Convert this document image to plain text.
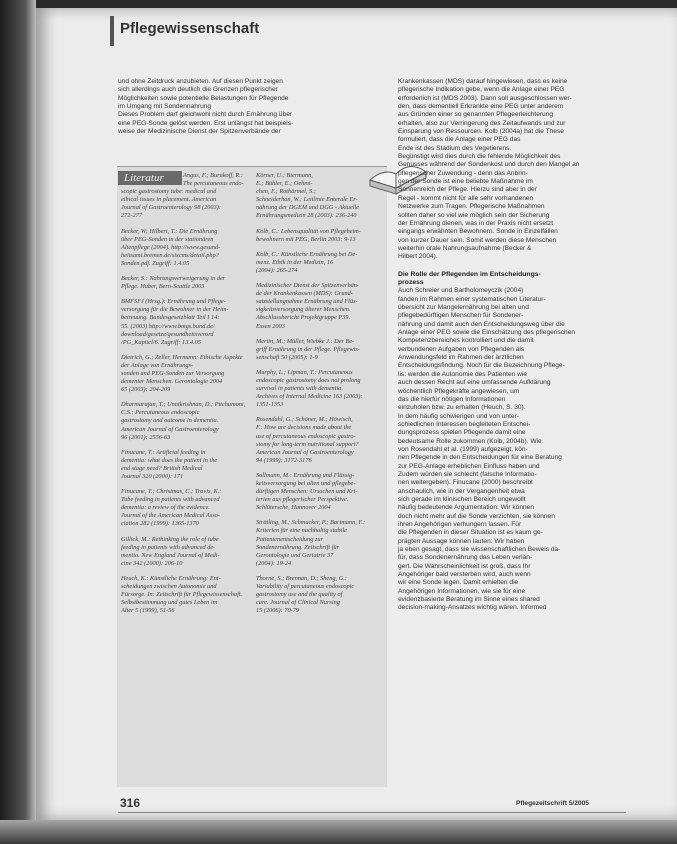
Pflegewissenschaft
und ohne Zeitdruck anzubieten. Auf diesen Punkt zeigen
sich allerdings auch deutlich die Grenzen pflegerischer
Möglichkeiten sowie potentielle Belastungen für Pflegende
im Umgang mit Sondennahrung
Dieses Problem darf gleichwohl nicht durch Ernährung über
eine PEG-Sonde gelöst werden. Erst unlängst hat beispiels-
weise der Medizinische Dienst der Spitzenverbände der
Literatur	Angus, F.; Burakoff, R.:
The percutaneous endo-
scopic gastrostomy tube: medical and
ethical issues in placement. American
Journal of Gastroenterology 98 (2003):
272-277
Becker, W; Hilbert, T.: Die Ernährung
über PEG-Sonden in der stationären
Altenpflege (2004). http://www.gesund-
heitsamt.bremen.de/sixcms/detail.php?
Sonden.pdf. Zugriff: 1.4.05
Becker, S.: Nahrungsverweigerung in der
Pflege. Huber, Bern-Seattle 2003
BMFSFJ (Hrsg.): Ernährung und Pflege-
versorgung für die Bewohner in der Heim-
betreuung. Bundesgesetzblatt Teil I 14:
55. (2003) http://www.bmgs.bund.de/
download/gesetze/gesundheitsverord
/PG_Kapitel/6. Zugriff: 13.4.05
Dietrich, G.; Zeller, Hermann: Ethische Aspekte
der Anlage von Ernährungs-
sonden und PEG-Sonden zur Versorgung
dementer Menschen. Gerontologie 2004
65 (2003): 204-209
Dharmarajan, T.; Unnikrishnan, D.; Pitchumoni,
C.S.: Percutaneous endoscopic
gastrostomy and outcome in dementia.
American Journal of Gastroenterology
96 (2001): 2556-63
Finucane, T.: Artificial feeding in
dementia: what does the patient in the
end stage need? British Medical
Journal 320 (2000): 171
Finucane, T.; Christmas, C.; Travis, K.:
Tube feeding in patients with advanced
dementia: a review of the evidence.
Journal of the American Medical Asso-
ciation 282 (1999): 1365-1370
Gillick, M.: Rethinking the role of tube
feeding in patients with advanced de-
mentia. New England Journal of Medi-
cine 342 (2000): 206-10
Heuch, K.: Künstliche Ernährung: Ent-
scheidungen zwischen Autonomie und
Fürsorge. In: Zeitschrift für Pflegewissenschaft.
Selbstbestimmung und gutes Leben im
Alter 5 (1999), 51-56
Körner, U.; Biermann,
E.; Bühler, E.; Oehmi-
chen, F.; Rothärmel, S.;
Schneiderhan, W.: Leitlinie Enterale Er-
nährung der DGEM und DGG - Aktuelle
Ernährungsmedizin 28 (2003): 236-240
Kolb, C.: Lebensqualität von Pflegeheim-
bewohnern mit PEG, Berlin 2003: 9-13
Kolb, C.: Künstliche Ernährung bei De-
menz. Ethik in der Medizin, 16
(2004): 265-274
Medizinischer Dienst der Spitzenverbän-
de der Krankenkassen (MDS): Grund-
satzstellungnahme Ernährung und Flüs-
sigkeitsversorgung älterer Menschen.
Abschlussbericht Projektgruppe P39.
Essen 2003
Mertin, M.; Müller, Wiebke J.: Der Be-
griff Ernährung in der Pflege. Pflegewis-
senschaft 50 (2005): 1-9
Murphy, L.; Lipman, T.: Percutaneous
endoscopic gastrostomy does not prolong
survival in patients with dementia.
Archives of Internal Medicine 163 (2003):
1351-1353
Rosendahl, G.; Schöner, M.; Höwisch,
F.: How are decisions made about the
use of percutaneous endoscopic gastro-
stomy for long-term nutritional support?
American Journal of Gastroenterology
94 (1999): 3172-3176
Sollmann, M.: Ernährung und Flüssig-
keitsversorgung bei alten und pflegebe-
dürftigen Menschen: Ursachen und Kri-
terien aus pflegerischer Perspektive.
Schlütersche, Hannover 2004
Strätling, M.; Schmucker, P.; Bartmann, F.:
Kriterien für eine nachhaltig stabile
Patientenentscheidung zur
Sondenernährung. Zeitschrift für
Gerontologie und Geriatrie 37
(2004): 19-24
Thorne, S.; Brennan, D.; Sheng, G.:
Variability of percutaneous endoscopic
gastrostomy use and the quality of
care. Journal of Clinical Nursing
15 (2006): 70-79
Krankenkassen (MDS) darauf hingewiesen, dass es keine
pflegerische Indikation gebe, wenn die Anlage einer PEG
erforderlich ist (MDS 2003). Dann soll ausgeschlossen wer-
den, dass dementiell Erkrankte eine PEG unter anderem
aus Gründen einer so genannten Pflegeerleichterung
erhalten, also zur Verringerung des Zeitaufwands und zur
Einsparung von Ressourcen. Kolb (2004a) hat die These
formuliert, dass die Anlage einer PEG das
Ende ist des Stadium des Vegetierens.
Begünstigt wird dies durch die fehlende Möglichkeit des
Genusses während der Sondenkost und durch den Mangel an
pflegerischer Zuwendung - denn das Anbrin-
gen der Sonde ist eine beliebte Maßnahme im
Sonnenreich der Pflege. Hierzu sind aber in der
Regel - kommt nicht für alle sehr vorhandenen
Netzwerke zum Tragen. Pflegerische Maßnahmen
sollten daher so viel wie möglich sein der Sicherung
der Ernährung dienen, was in der Praxis nicht ersetzt
eingangs erwähnten Bewohnern. Sonde in Einzelfällen
von kurzer Dauer sein. Somit werden diese Menschen
weiterhin orale Nahrungsaufnahme (Becker &
Hilbert 2004).
Die Rolle der Pflegenden im Entscheidungs-
prozess
Auch Schreier und Bartholomeyczik (2004)
fanden im Rahmen einer systematischen Literatur-
übersicht zur Mangelernährung bei alten und
pflegebedürftigen Menschen für Sondener-
nährung und damit auch den Entscheidungsweg über die
Anlage einer PEG sowie die Einschätzung des pflegerischen
Kompetenzbereiches kontrolliert und die damit
verbundenen Aufgaben von Pflegenden als
Anwendungsfeld im Rahmen der ärztlichen
Entscheidungsfindung. Noch für die Bezeichnung Pflege-
lis: werden die Autonomie des Patienten wie
auch dessen Recht auf eine umfassende Aufklärung
wöchentlich Pflegekräfte angewiesen, um
das die hierfür nötigen Informationen
einzuholen bzw. zu erhalten (Heuch, S. 30).
In dem häufig schwierigen und von unter-
schiedlichen Interessen begleiteten Entschei-
dungsprozess spielen Pflegende damit eine
bedeutsame Rolle zukommen (Kolb, 2004b). Wie
von Rosendahl et al. (1999) aufgezeigt, kön-
nen Pflegende in den Entscheidungen für eine Beratung
zur PEG-Anlage erheblichen Einfluss haben und
Zudem würden sie schlecht (falsche Informatio-
nen weitergeben). Finucane (2000) beschreibt
anschaulich, wie in der Vergangenheit etwa
sich gerade im klinischen Bereich ungewollt
häufig bedeutende Argumentation: Wir können
doch nicht mehr auf die Sonde verzichten, sie können
ihren Angehörigen verhungern lassen. Für
die Pflegenden in dieser Situation ist es kaum ge-
prägten Aussage können lauten: Wir haben
ja eben gesagt, dass sie wissenschaftlichen Beweis da-
für, dass Sondenernährung das Leben verlän-
gert. Die Wahrscheinlichkeit ist groß, dass Ihr
Angehöriger bald versterben wird, auch wenn
wir eine Sonde legen. Damit erhielten die
Angehörigen Informationen, wie sie für eine
evidenzbasierte Beratung im Sinne eines shared
decision-making-Ansatzes wichtig wären. Informed
316	Pflegezeitschrift 5/2005
